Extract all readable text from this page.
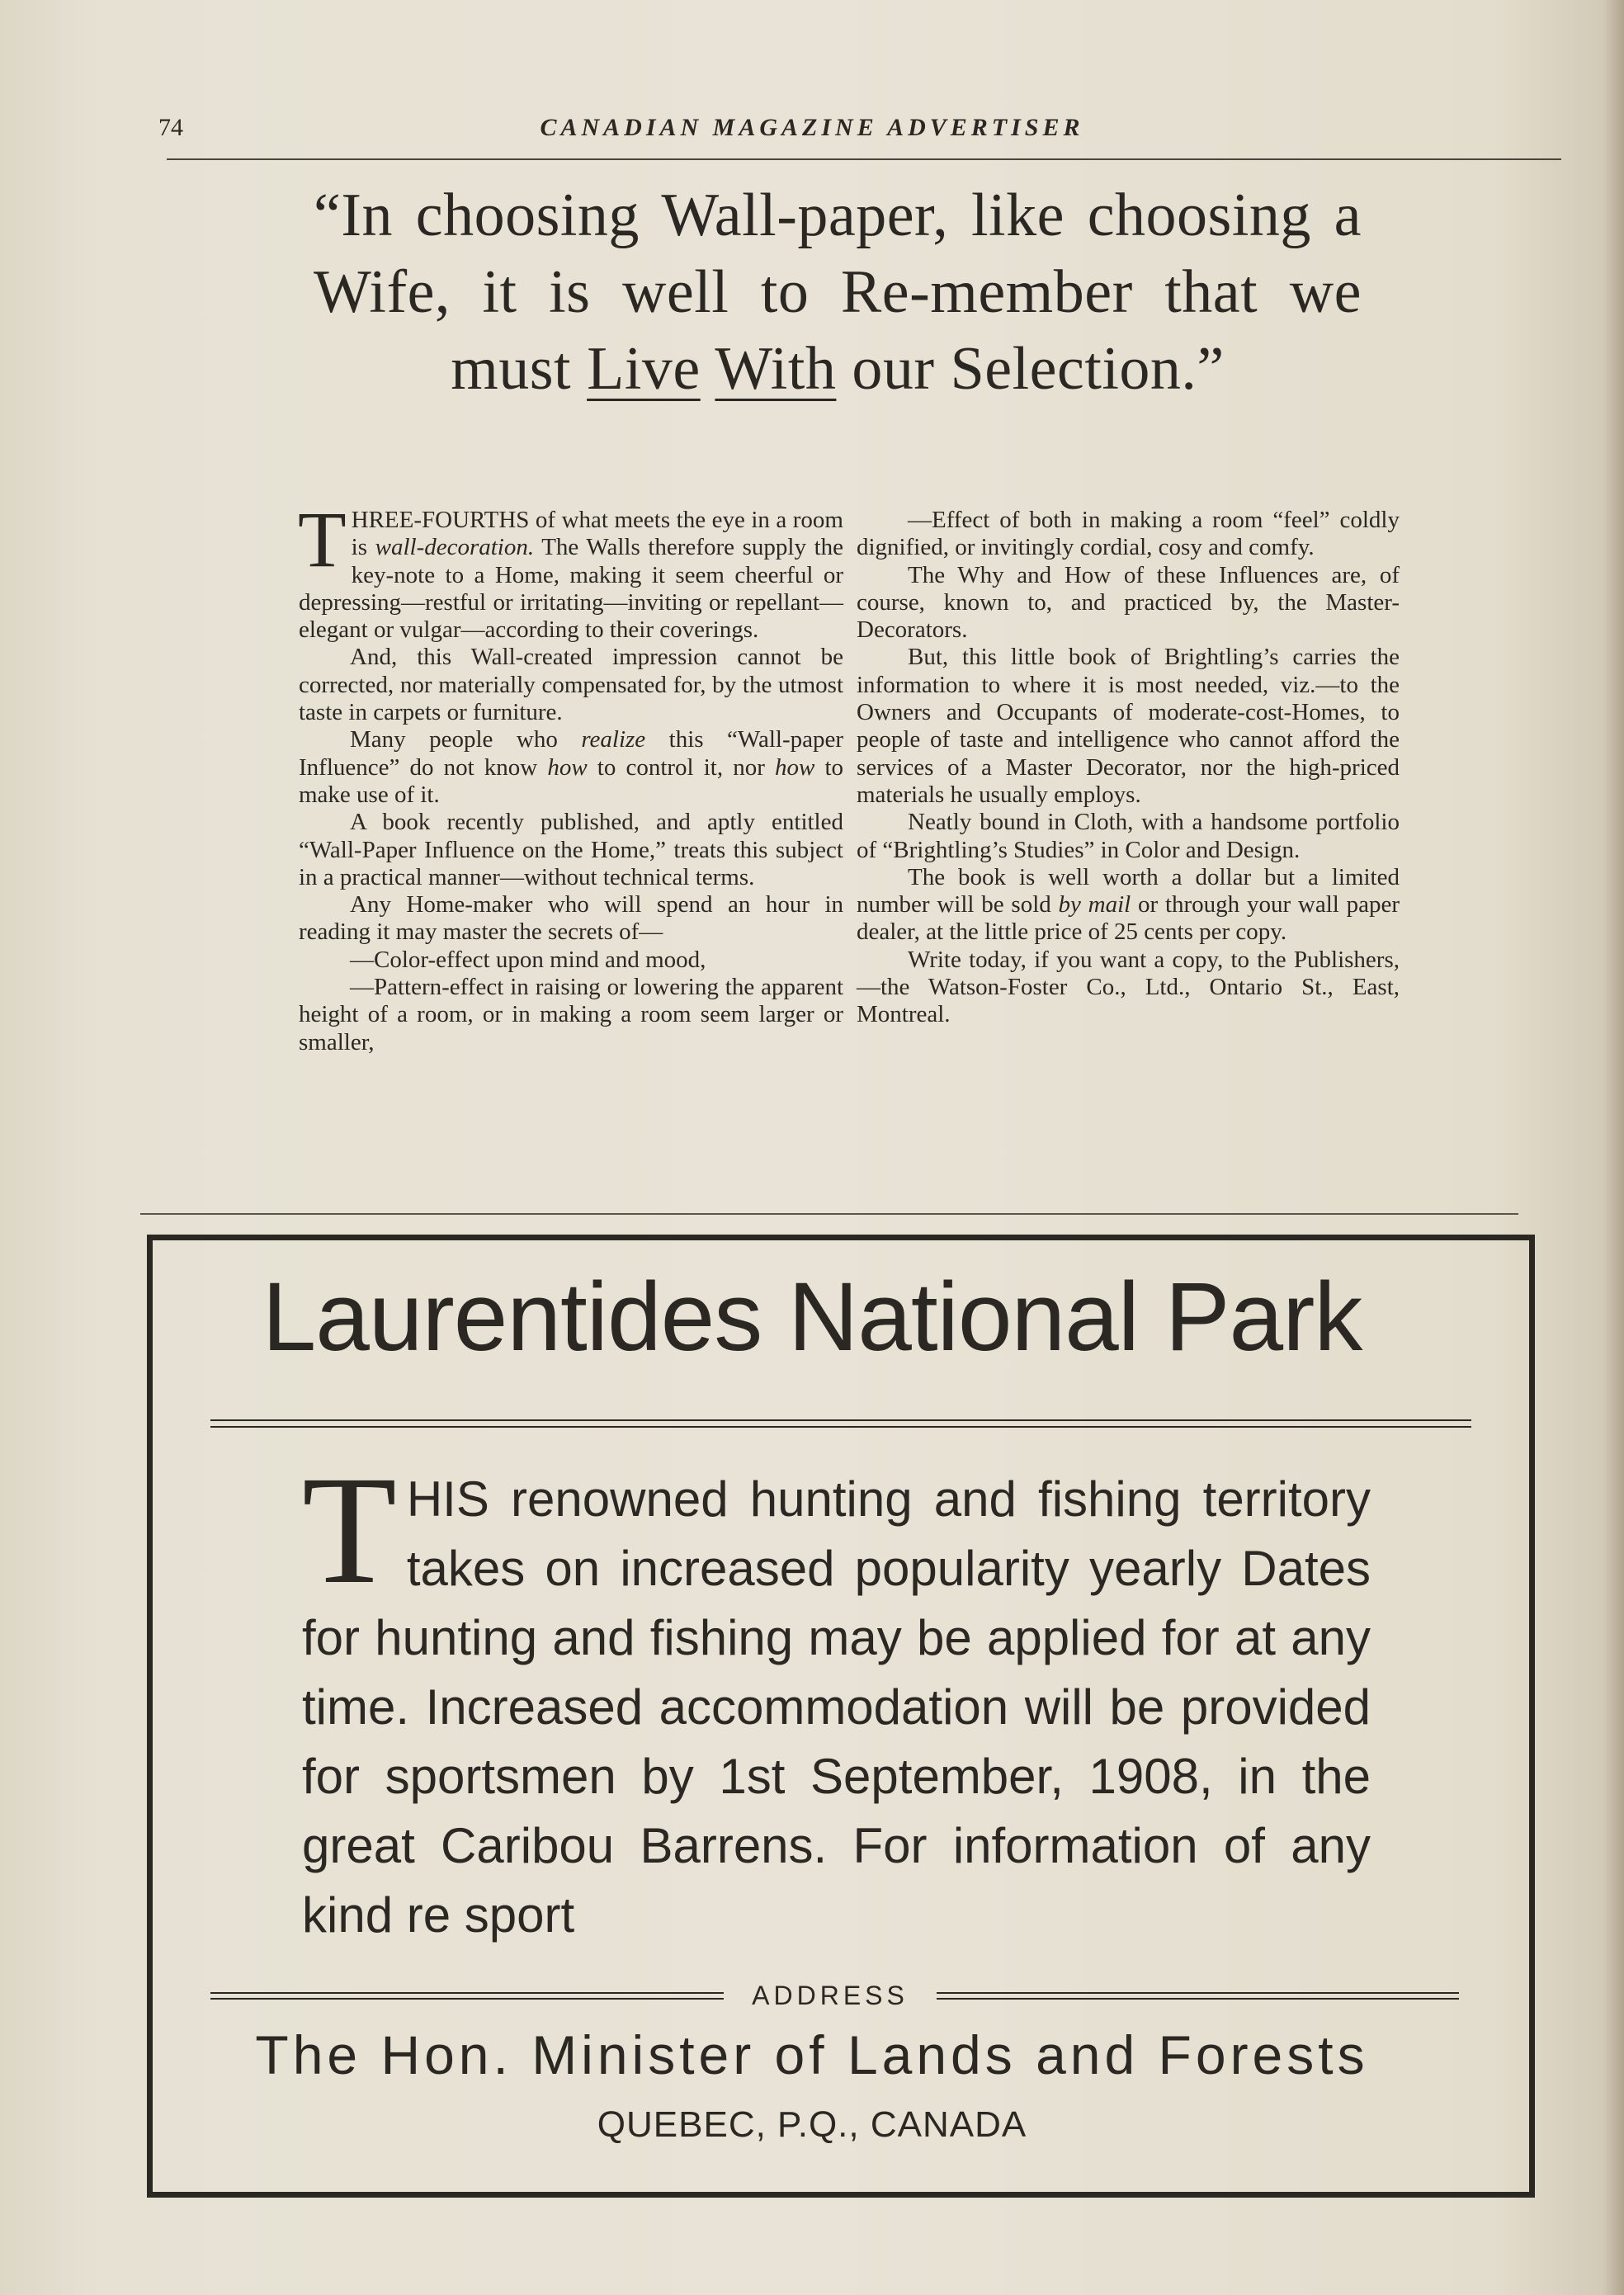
74	CANADIAN MAGAZINE ADVERTISER
“In choosing Wall-paper, like choosing a Wife, it is well to Re-member that we must Live With our Selection.”

THREE-FOURTHS of what meets the eye in a room is wall-decoration. The Walls therefore supply the key-note to a Home, making it seem cheerful or depressing—restful or irritating—inviting or repellant—elegant or vulgar—according to their coverings.

And, this Wall-created impression cannot be corrected, nor materially compensated for, by the utmost taste in carpets or furniture.

Many people who realize this “Wall-paper Influence” do not know how to control it, nor how to make use of it.

A book recently published, and aptly entitled “Wall-Paper Influence on the Home,” treats this subject in a practical manner—without technical terms.

Any Home-maker who will spend an hour in reading it may master the secrets of—

—Color-effect upon mind and mood,

—Pattern-effect in raising or lowering the apparent height of a room, or in making a room seem larger or smaller,

—Effect of both in making a room “feel” coldly dignified, or invitingly cordial, cosy and comfy.

The Why and How of these Influences are, of course, known to, and practiced by, the Master-Decorators.

But, this little book of Brightling’s carries the information to where it is most needed, viz.—to the Owners and Occupants of moderate-cost-Homes, to people of taste and intelligence who cannot afford the services of a Master Decorator, nor the high-priced materials he usually employs.

Neatly bound in Cloth, with a handsome portfolio of “Brightling’s Studies” in Color and Design.

The book is well worth a dollar but a limited number will be sold by mail or through your wall paper dealer, at the little price of 25 cents per copy.

Write today, if you want a copy, to the Publishers,—the Watson-Foster Co., Ltd., Ontario St., East, Montreal.

Laurentides National Park
THIS renowned hunting and fishing territory takes on increased popularity yearly Dates for hunting and fishing may be applied for at any time. Increased accommodation will be provided for sportsmen by 1st September, 1908, in the great Caribou Barrens. For information of any kind re sport
ADDRESS
The Hon. Minister of Lands and Forests
QUEBEC, P.Q., CANADA
